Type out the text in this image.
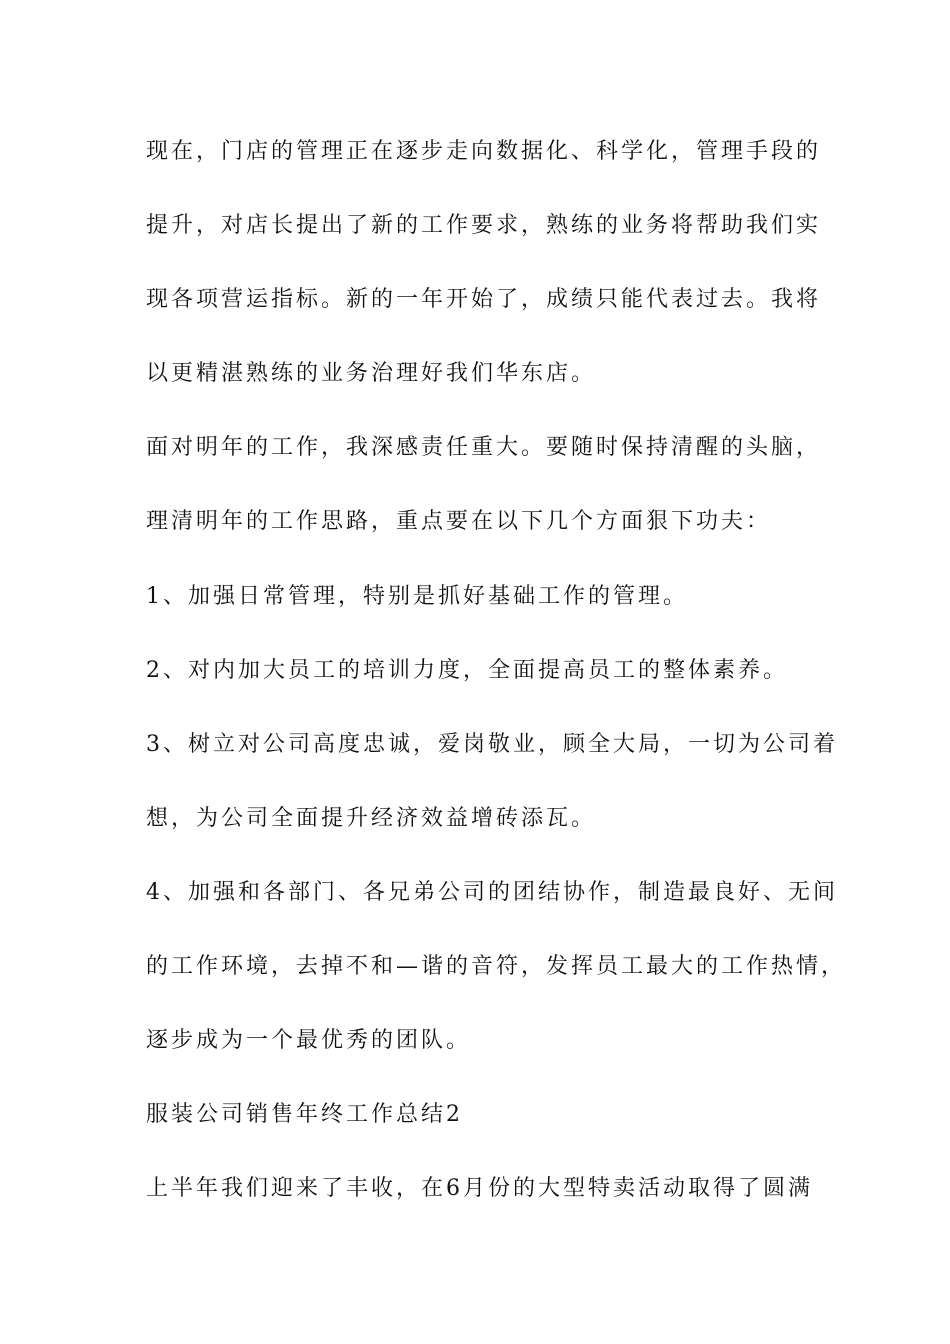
现在，门店的管理正在逐步走向数据化、科学化，管理手段的
提升，对店长提出了新的工作要求，熟练的业务将帮助我们实
现各项营运指标。新的一年开始了，成绩只能代表过去。我将
以更精湛熟练的业务治理好我们华东店。
面对明年的工作，我深感责任重大。要随时保持清醒的头脑，
理清明年的工作思路，重点要在以下几个方面狠下功夫：
1、加强日常管理，特别是抓好基础工作的管理。
2、对内加大员工的培训力度，全面提高员工的整体素养。
3、树立对公司高度忠诚，爱岗敬业，顾全大局，一切为公司着
想，为公司全面提升经济效益增砖添瓦。
4、加强和各部门、各兄弟公司的团结协作，制造最良好、无间
的工作环境，去掉不和—谐的音符，发挥员工最大的工作热情，
逐步成为一个最优秀的团队。
服装公司销售年终工作总结2
上半年我们迎来了丰收，在6月份的大型特卖活动取得了圆满
